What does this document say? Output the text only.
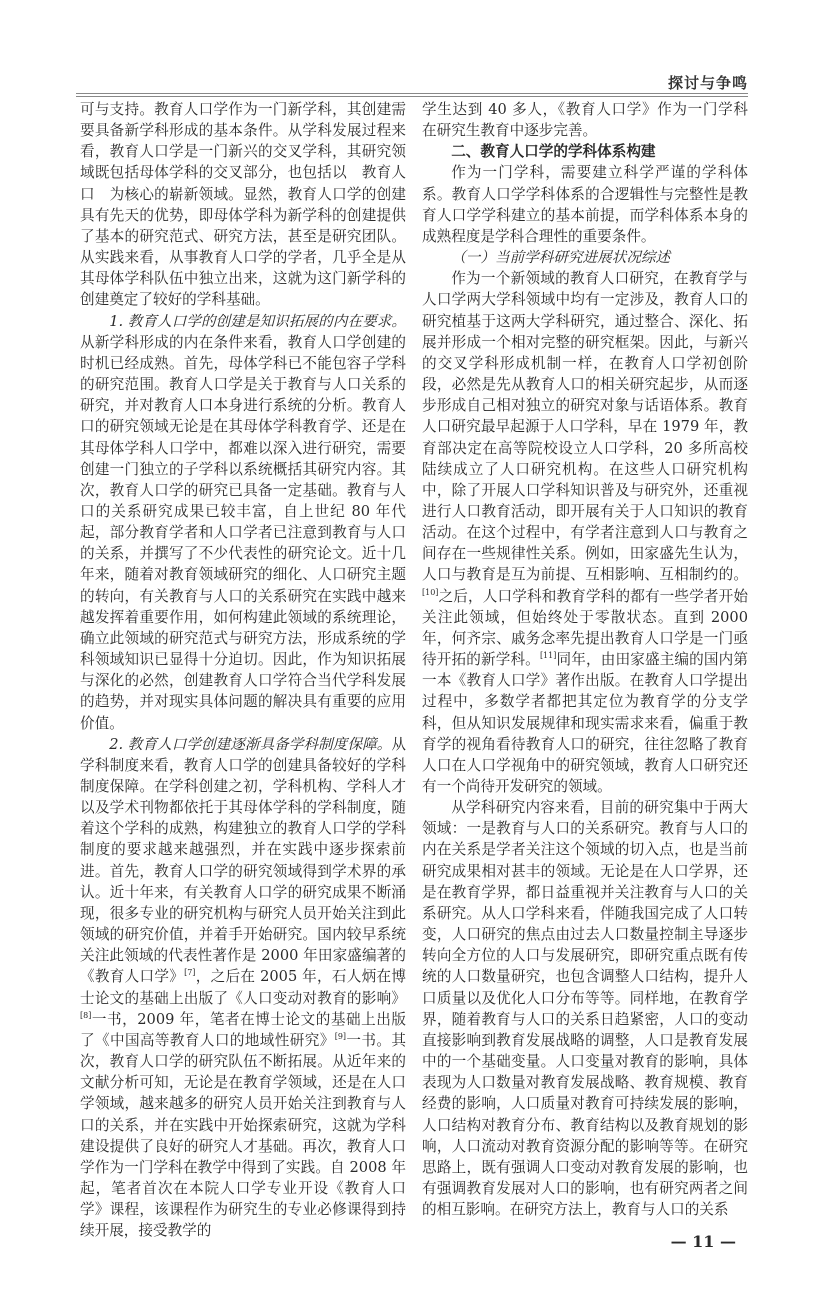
探讨与争鸣

可与支持。教育人口学作为一门新学科，其创建需要具备新学科形成的基本条件。从学科发展过程来看，教育人口学是一门新兴的交叉学科，其研究领域既包括母体学科的交叉部分，也包括以　教育人口　为核心的崭新领域。显然，教育人口学的创建具有先天的优势，即母体学科为新学科的创建提供了基本的研究范式、研究方法，甚至是研究团队。从实践来看，从事教育人口学的学者，几乎全是从其母体学科队伍中独立出来，这就为这门新学科的创建奠定了较好的学科基础。

1. 教育人口学的创建是知识拓展的内在要求。从新学科形成的内在条件来看，教育人口学创建的时机已经成熟。首先，母体学科已不能包容子学科的研究范围。教育人口学是关于教育与人口关系的研究，并对教育人口本身进行系统的分析。教育人口的研究领域无论是在其母体学科教育学、还是在其母体学科人口学中，都难以深入进行研究，需要创建一门独立的子学科以系统概括其研究内容。其次，教育人口学的研究已具备一定基础。教育与人口的关系研究成果已较丰富，自上世纪 80 年代起，部分教育学者和人口学者已注意到教育与人口的关系，并撰写了不少代表性的研究论文。近十几年来，随着对教育领域研究的细化、人口研究主题的转向，有关教育与人口的关系研究在实践中越来越发挥着重要作用，如何构建此领域的系统理论，确立此领域的研究范式与研究方法，形成系统的学科领域知识已显得十分迫切。因此，作为知识拓展与深化的必然，创建教育人口学符合当代学科发展的趋势，并对现实具体问题的解决具有重要的应用价值。

2. 教育人口学创建逐渐具备学科制度保障。从学科制度来看，教育人口学的创建具备较好的学科制度保障。在学科创建之初，学科机构、学科人才以及学术刊物都依托于其母体学科的学科制度，随着这个学科的成熟，构建独立的教育人口学的学科制度的要求越来越强烈，并在实践中逐步探索前进。首先，教育人口学的研究领域得到学术界的承认。近十年来，有关教育人口学的研究成果不断涌现，很多专业的研究机构与研究人员开始关注到此领域的研究价值，并着手开始研究。国内较早系统关注此领域的代表性著作是 2000 年田家盛编著的《教育人口学》[7]，之后在 2005 年，石人炳在博士论文的基础上出版了《人口变动对教育的影响》[8]一书，2009 年，笔者在博士论文的基础上出版了《中国高等教育人口的地域性研究》[9]一书。其次，教育人口学的研究队伍不断拓展。从近年来的文献分析可知，无论是在教育学领域，还是在人口学领域，越来越多的研究人员开始关注到教育与人口的关系，并在实践中开始探索研究，这就为学科建设提供了良好的研究人才基础。再次，教育人口学作为一门学科在教学中得到了实践。自 2008 年起，笔者首次在本院人口学专业开设《教育人口学》课程，该课程作为研究生的专业必修课得到持续开展，接受教学的

学生达到 40 多人，《教育人口学》作为一门学科在研究生教育中逐步完善。

二、教育人口学的学科体系构建

作为一门学科，需要建立科学严谨的学科体系。教育人口学学科体系的合逻辑性与完整性是教育人口学学科建立的基本前提，而学科体系本身的成熟程度是学科合理性的重要条件。

（一）当前学科研究进展状况综述

作为一个新领域的教育人口研究，在教育学与人口学两大学科领域中均有一定涉及，教育人口的研究植基于这两大学科研究，通过整合、深化、拓展并形成一个相对完整的研究框架。因此，与新兴的交叉学科形成机制一样，在教育人口学初创阶段，必然是先从教育人口的相关研究起步，从而逐步形成自己相对独立的研究对象与话语体系。教育人口研究最早起源于人口学科，早在 1979 年，教育部决定在高等院校设立人口学科，20 多所高校陆续成立了人口研究机构。在这些人口研究机构中，除了开展人口学科知识普及与研究外，还重视进行人口教育活动，即开展有关于人口知识的教育活动。在这个过程中，有学者注意到人口与教育之间存在一些规律性关系。例如，田家盛先生认为，人口与教育是互为前提、互相影响、互相制约的。[10]之后，人口学科和教育学科的都有一些学者开始关注此领域，但始终处于零散状态。直到 2000 年，何齐宗、戚务念率先提出教育人口学是一门亟待开拓的新学科。[11]同年，由田家盛主编的国内第一本《教育人口学》著作出版。在教育人口学提出过程中，多数学者都把其定位为教育学的分支学科，但从知识发展规律和现实需求来看，偏重于教育学的视角看待教育人口的研究，往往忽略了教育人口在人口学视角中的研究领域，教育人口研究还有一个尚待开发研究的领域。

从学科研究内容来看，目前的研究集中于两大领域：一是教育与人口的关系研究。教育与人口的内在关系是学者关注这个领域的切入点，也是当前研究成果相对甚丰的领域。无论是在人口学界，还是在教育学界，都日益重视并关注教育与人口的关系研究。从人口学科来看，伴随我国完成了人口转变，人口研究的焦点由过去人口数量控制主导逐步转向全方位的人口与发展研究，即研究重点既有传统的人口数量研究，也包含调整人口结构，提升人口质量以及优化人口分布等等。同样地，在教育学界，随着教育与人口的关系日趋紧密，人口的变动直接影响到教育发展战略的调整，人口是教育发展中的一个基础变量。人口变量对教育的影响，具体表现为人口数量对教育发展战略、教育规模、教育经费的影响，人口质量对教育可持续发展的影响，人口结构对教育分布、教育结构以及教育规划的影响，人口流动对教育资源分配的影响等等。在研究思路上，既有强调人口变动对教育发展的影响，也有强调教育发展对人口的影响，也有研究两者之间的相互影响。在研究方法上，教育与人口的关系

— 11 —
